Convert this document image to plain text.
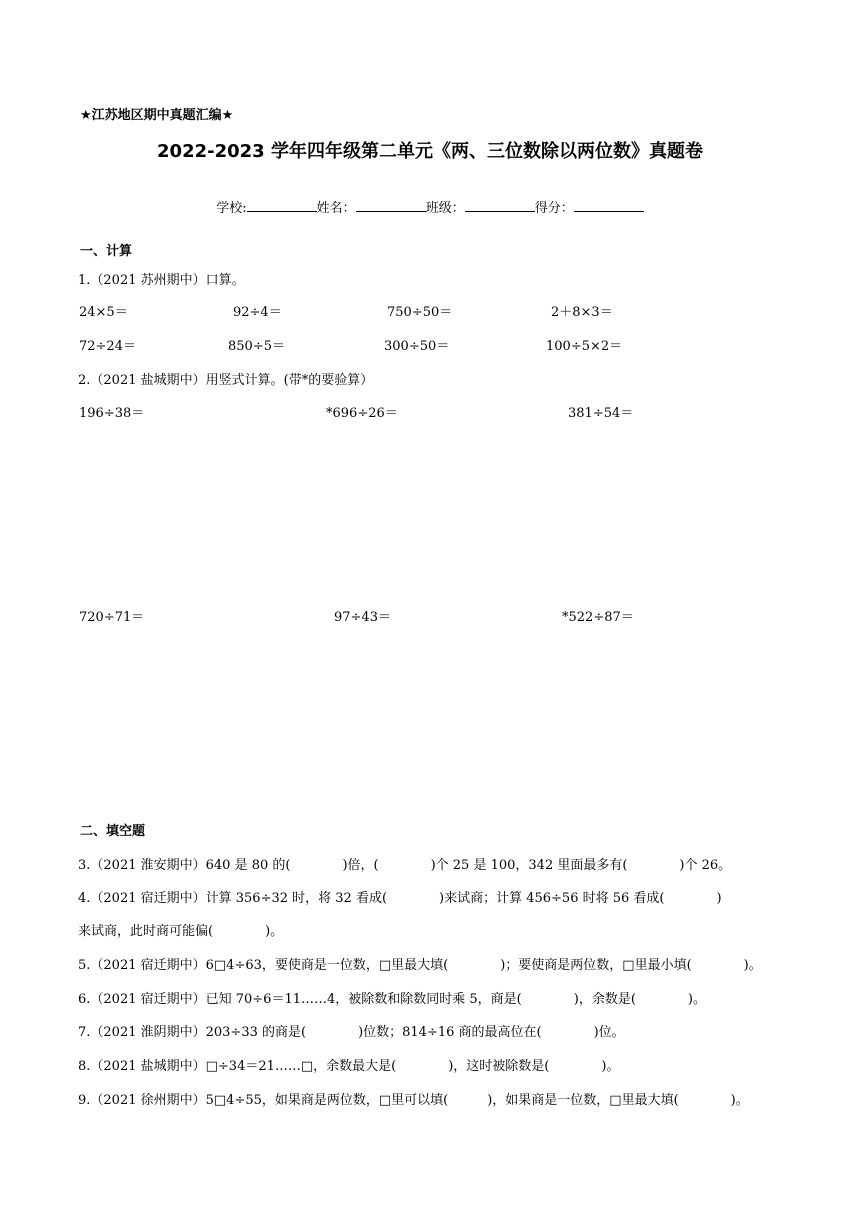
★江苏地区期中真题汇编★
2022-2023 学年四年级第二单元《两、三位数除以两位数》真题卷
学校:	姓名：	班级：	得分：
一、计算
1.（2021 苏州期中）口算。
24×5＝	92÷4＝	750÷50＝	2＋8×3＝
72÷24＝	850÷5＝	300÷50＝	100÷5×2＝
2.（2021 盐城期中）用竖式计算。(带*的要验算）
196÷38＝	*696÷26＝	381÷54＝
720÷71＝	97÷43＝	*522÷87＝
二、填空题
3.（2021 淮安期中）640 是 80 的(　　　　)倍，(　　　　)个 25 是 100，342 里面最多有(　　　　)个 26。
4.（2021 宿迁期中）计算 356÷32 时，将 32 看成(　　　　)来试商；计算 456÷56 时将 56 看成(　　　　)
来试商，此时商可能偏(　　　　)。
5.（2021 宿迁期中）6□4÷63，要使商是一位数，□里最大填(　　　　)；要使商是两位数，□里最小填(　　　　)。
6.（2021 宿迁期中）已知 70÷6＝11……4，被除数和除数同时乘 5，商是(　　　　)，余数是(　　　　)。
7.（2021 淮阴期中）203÷33 的商是(　　　　)位数；814÷16 商的最高位在(　　　　)位。
8.（2021 盐城期中）□÷34＝21……□，余数最大是(　　　　)，这时被除数是(　　　　)。
9.（2021 徐州期中）5□4÷55，如果商是两位数，□里可以填(　　　)，如果商是一位数，□里最大填(　　　　)。
